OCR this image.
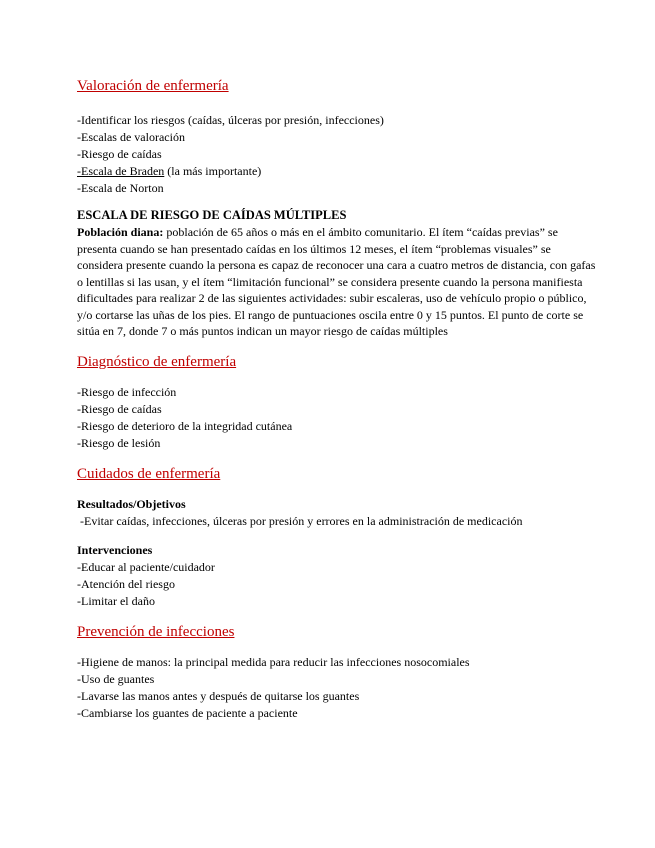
Valoración de enfermería
-Identificar los riesgos (caídas, úlceras por presión, infecciones)
-Escalas de valoración
-Riesgo de caídas
-Escala de Braden (la más importante)
-Escala de Norton
ESCALA DE RIESGO DE CAÍDAS MÚLTIPLES

Población diana: población de 65 años o más en el ámbito comunitario. El ítem “caídas previas” se presenta cuando se han presentado caídas en los últimos 12 meses, el ítem “problemas visuales” se considera presente cuando la persona es capaz de reconocer una cara a cuatro metros de distancia, con gafas o lentillas si las usan, y el ítem “limitación funcional” se considera presente cuando la persona manifiesta dificultades para realizar 2 de las siguientes actividades: subir escaleras, uso de vehículo propio o público, y/o cortarse las uñas de los pies. El rango de puntuaciones oscila entre 0 y 15 puntos. El punto de corte se sitúa en 7, donde 7 o más puntos indican un mayor riesgo de caídas múltiples

Diagnóstico de enfermería
-Riesgo de infección
-Riesgo de caídas
-Riesgo de deterioro de la integridad cutánea
-Riesgo de lesión
Cuidados de enfermería
Resultados/Objetivos
-Evitar caídas, infecciones, úlceras por presión y errores en la administración de medicación
Intervenciones
-Educar al paciente/cuidador
-Atención del riesgo
-Limitar el daño
Prevención de infecciones
-Higiene de manos: la principal medida para reducir las infecciones nosocomiales
-Uso de guantes
-Lavarse las manos antes y después de quitarse los guantes
-Cambiarse los guantes de paciente a paciente
